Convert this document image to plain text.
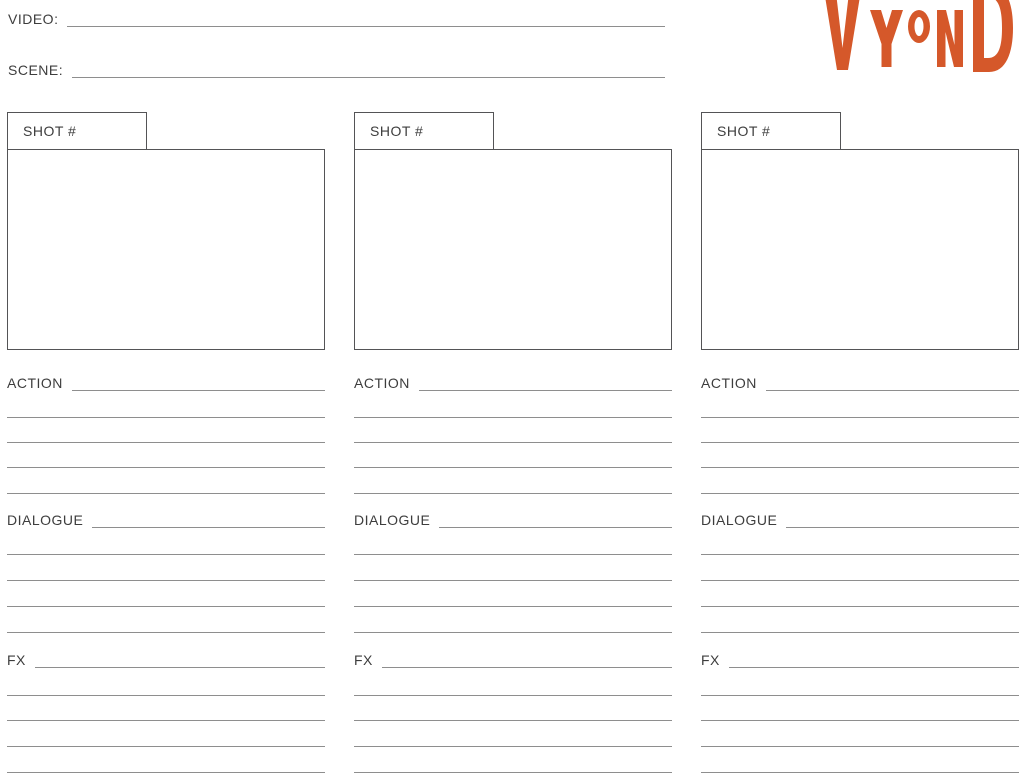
VIDEO:
SCENE:
SHOT #
ACTION
DIALOGUE
FX
SHOT #
ACTION
DIALOGUE
FX
SHOT #
ACTION
DIALOGUE
FX
